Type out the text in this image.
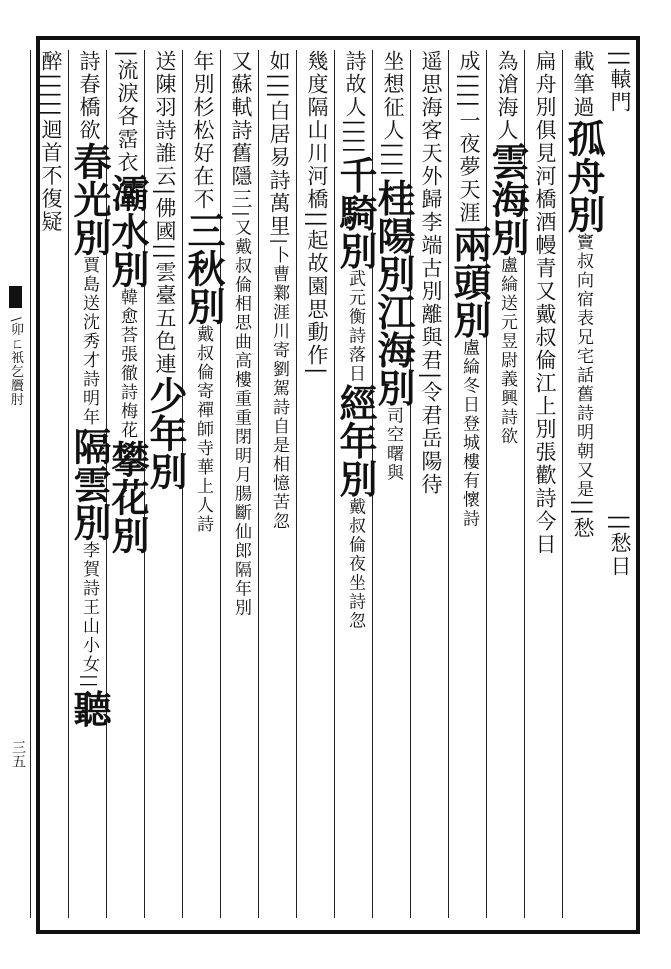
\卯ㄈ衹乞贗肘
三五
||轅門||愁日
載筆過孤舟別竇叔向宿表兄宅話舊詩明朝又是||愁
扁舟別俱見河橋酒幔青又戴叔倫江上別張歡詩今日
為滄海人雲海別盧綸送元昱尉義興詩欲
成||||一夜夢天涯兩頭別盧綸冬日登城樓有懷詩
遥思海客天外歸李端古別離與君|令君岳陽待
坐想征人||||桂陽別江海別司空曙與
詩故人||||千騎別武元衡詩落日經年別戴叔倫夜坐詩忽
幾度隔山川河橋||起故園思動作|
如|||白居易詩萬里|卜曹鄴涯川寄劉駕詩自是相憶苦忽
又蘇軾詩舊隱三|又戴叔倫相思曲高樓重重閉明月腸斷仙郎隔年別
年別杉松好在不三秋別戴叔倫寄禪師寺華上人詩
送陳羽詩誰云|佛國||雲臺五色連少年別
|流淚各霑衣灞水別韓愈荅張徹詩梅花攀花別
詩春橋欲春光別賈島送沈秀才詩明年隔雲別李賀詩王山小女||聽
醉|||||迴首不復疑
